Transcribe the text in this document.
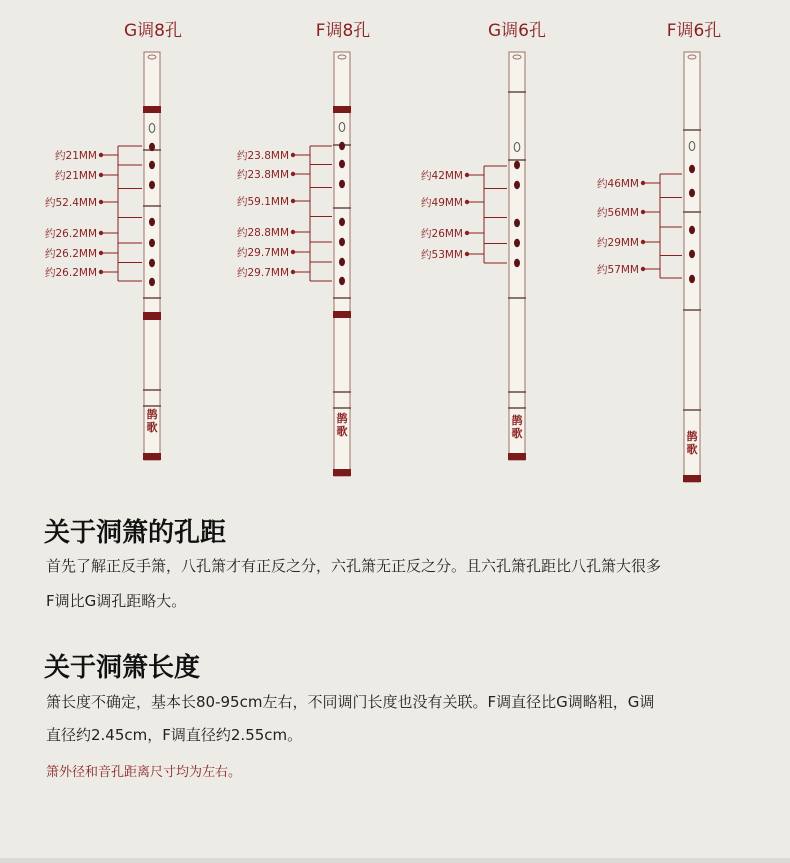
约21MM
约21MM
约52.4MM
约26.2MM
约26.2MM
约26.2MM
鹊
歌
约23.8MM
约23.8MM
约59.1MM
约28.8MM
约29.7MM
约29.7MM
鹊
歌
约42MM
约49MM
约26MM
约53MM
鹊
歌
约46MM
约56MM
约29MM
约57MM
鹊
歌
G调8孔	F调8孔	G调6孔	F调6孔
关于洞箫的孔距

首先了解正反手箫，八孔箫才有正反之分，六孔箫无正反之分。且六孔箫孔距比八孔箫大很多

F调比G调孔距略大。

关于洞箫长度

箫长度不确定，基本长80-95cm左右，不同调门长度也没有关联。F调直径比G调略粗，G调

直径约2.45cm，F调直径约2.55cm。

箫外径和音孔距离尺寸均为左右。
